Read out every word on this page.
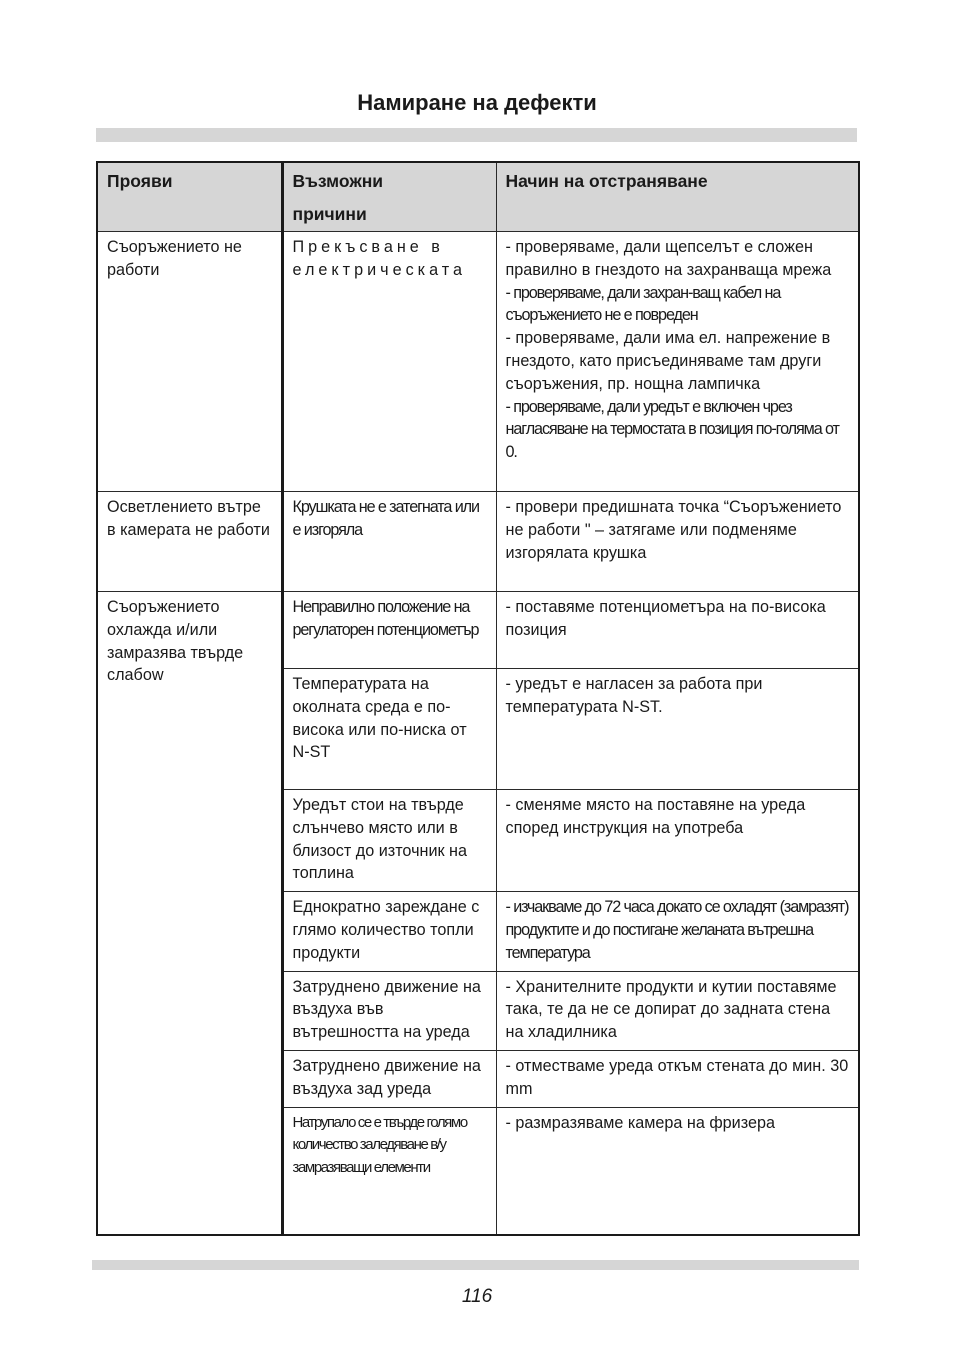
Намиране на дефекти
Прояви	Възможни причини	Начин на отстраняване
Съоръжението не работи	Прекъсване в електрическата	- проверяваме, дали щепселът е сложен правилно в гнездото на захранваща мрежа
- проверяваме, дали захран-ващ кабел на съоръжението не е повреден
- проверяваме, дали има ел. напрежение в гнездото, като присъединяваме там други съоръжения, пр. нощна лампичка
- проверяваме, дали уредът е включен чрез нагласяване на термостата в позиция по-голяма от 0.

Осветлението вътре в камерата не работи	Крушката не е затегната или е изгоряла	- провери предишната точка “Съоръжението не работи " – затягаме или подменяме изгорялата крушка

Съоръжението охлажда и/или замразява твърде слабоw	Неправилно положение на регулаторен потенциометър	- поставяме потенциометъра на по-висока позиция

	Температурата на околната среда е по-висока или по-ниска от N-ST	- уредът е нагласен за работа при температурата N-ST.

	Уредът стои на твърде слънчево място или в близост до източник на топлина	- сменяме място на поставяне на уреда според инструкция на употреба

	Еднократно зареждане с глямо количество топли продукти	- изчакваме до 72 часа докато се охладят (замразят) продуктите и до постигане желаната вътрешна температура

	Затруднено движение на въздуха във вътрешността на уреда	- Хранителните продукти и кутии поставяме така, те да не се допират до задната стена на хладилника

	Затруднено движение на въздуха зад уреда	- отместваме уреда откъм стената до мин. 30 mm

	Натрупало се е твърде голямо количество заледяване в/у замразяващи елементи	- размразяваме камера на фризера
116
